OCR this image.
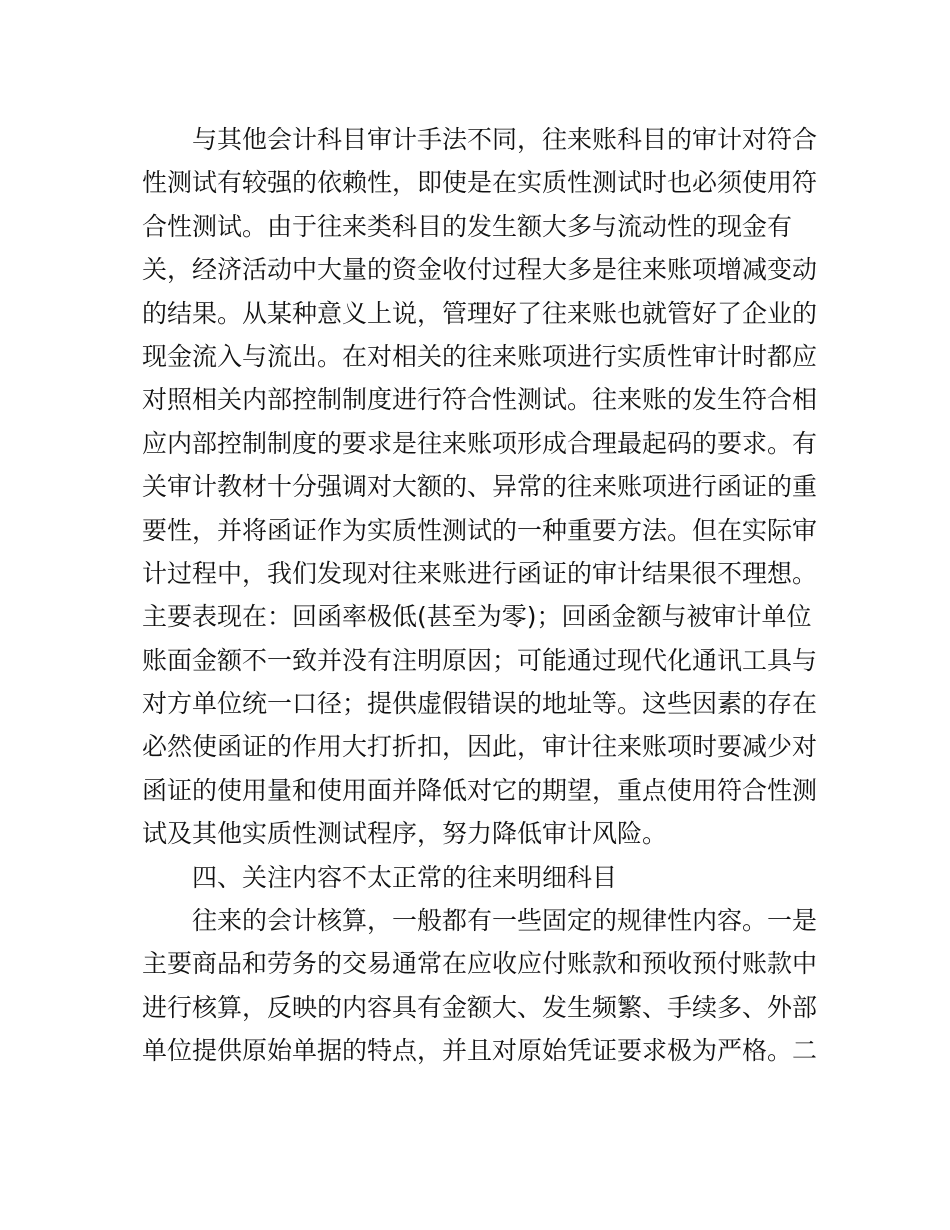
与其他会计科目审计手法不同，往来账科目的审计对符合
性测试有较强的依赖性，即使是在实质性测试时也必须使用符
合性测试。由于往来类科目的发生额大多与流动性的现金有
关，经济活动中大量的资金收付过程大多是往来账项增减变动
的结果。从某种意义上说，管理好了往来账也就管好了企业的
现金流入与流出。在对相关的往来账项进行实质性审计时都应
对照相关内部控制制度进行符合性测试。往来账的发生符合相
应内部控制制度的要求是往来账项形成合理最起码的要求。有
关审计教材十分强调对大额的、异常的往来账项进行函证的重
要性，并将函证作为实质性测试的一种重要方法。但在实际审
计过程中，我们发现对往来账进行函证的审计结果很不理想。
主要表现在：回函率极低(甚至为零)；回函金额与被审计单位
账面金额不一致并没有注明原因；可能通过现代化通讯工具与
对方单位统一口径；提供虚假错误的地址等。这些因素的存在
必然使函证的作用大打折扣，因此，审计往来账项时要减少对
函证的使用量和使用面并降低对它的期望，重点使用符合性测
试及其他实质性测试程序，努力降低审计风险。
四、关注内容不太正常的往来明细科目
往来的会计核算，一般都有一些固定的规律性内容。一是
主要商品和劳务的交易通常在应收应付账款和预收预付账款中
进行核算，反映的内容具有金额大、发生频繁、手续多、外部
单位提供原始单据的特点，并且对原始凭证要求极为严格。二
